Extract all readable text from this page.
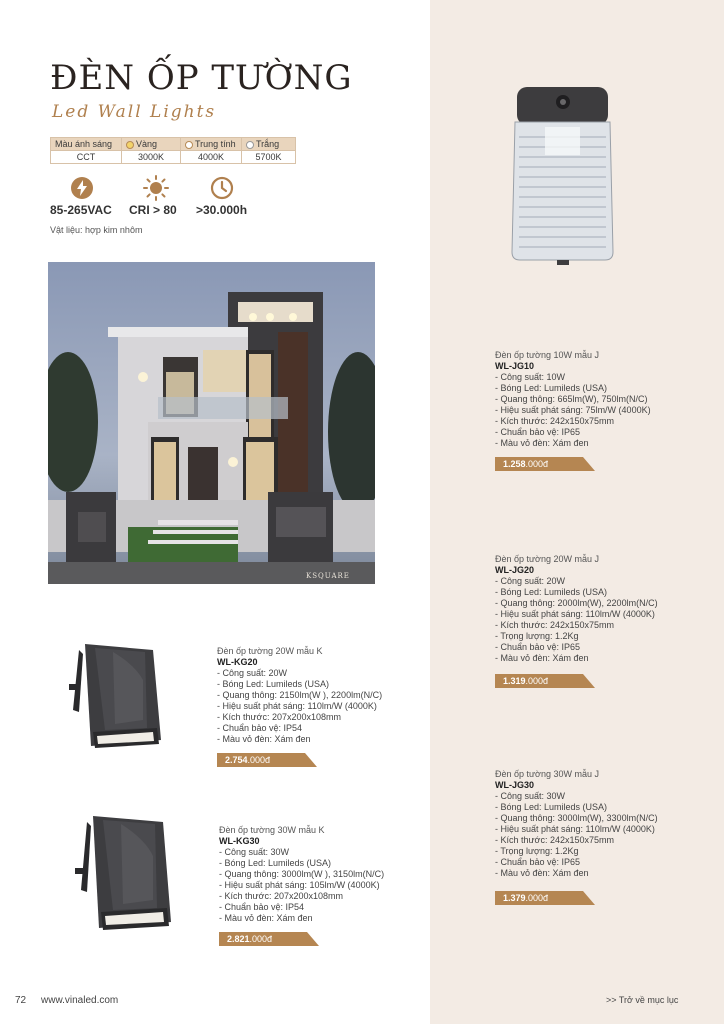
ĐÈN ỐP TƯỜNG
Led Wall Lights
Màu ánh sáng	Vàng	Trung tính	Trắng
CCT	3000K	4000K	5700K
85-265VAC CRI > 80 >30.000h
Vật liệu: hợp kim nhôm
KSQUARE
Đèn ốp tường 10W mẫu J
WL-JG10
- Công suất: 10W
- Bóng Led: Lumileds (USA)
- Quang thông: 665lm(W), 750lm(N/C)
- Hiệu suất phát sáng: 75lm/W (4000K)
- Kích thước: 242x150x75mm
- Chuẩn bảo vệ: IP65
- Màu vỏ đèn: Xám đen
1.258.000đ
Đèn ốp tường 20W mẫu J
WL-JG20
- Công suất: 20W
- Bóng Led: Lumileds (USA)
- Quang thông: 2000lm(W), 2200lm(N/C)
- Hiệu suất phát sáng: 110lm/W (4000K)
- Kích thước: 242x150x75mm
- Trọng lượng: 1.2Kg
- Chuẩn bảo vệ: IP65
- Màu vỏ đèn: Xám đen
1.319.000đ
Đèn ốp tường 30W mẫu J
WL-JG30
- Công suất: 30W
- Bóng Led: Lumileds (USA)
- Quang thông: 3000lm(W), 3300lm(N/C)
- Hiệu suất phát sáng: 110lm/W (4000K)
- Kích thước: 242x150x75mm
- Trọng lượng: 1.2Kg
- Chuẩn bảo vệ: IP65
- Màu vỏ đèn: Xám đen
1.379.000đ
Đèn ốp tường 20W mẫu K
WL-KG20
- Công suất: 20W
- Bóng Led: Lumileds (USA)
- Quang thông: 2150lm(W ), 2200lm(N/C)
- Hiệu suất phát sáng: 110lm/W (4000K)
- Kích thước: 207x200x108mm
- Chuẩn bảo vệ: IP54
- Màu vỏ đèn: Xám đen
2.754.000đ
Đèn ốp tường 30W mẫu K
WL-KG30
- Công suất: 30W
- Bóng Led: Lumileds (USA)
- Quang thông: 3000lm(W ), 3150lm(N/C)
- Hiệu suất phát sáng: 105lm/W (4000K)
- Kích thước: 207x200x108mm
- Chuẩn bảo vệ: IP54
- Màu vỏ đèn: Xám đen
2.821.000đ
72 www.vinaled.com	>> Trở về mục lục
